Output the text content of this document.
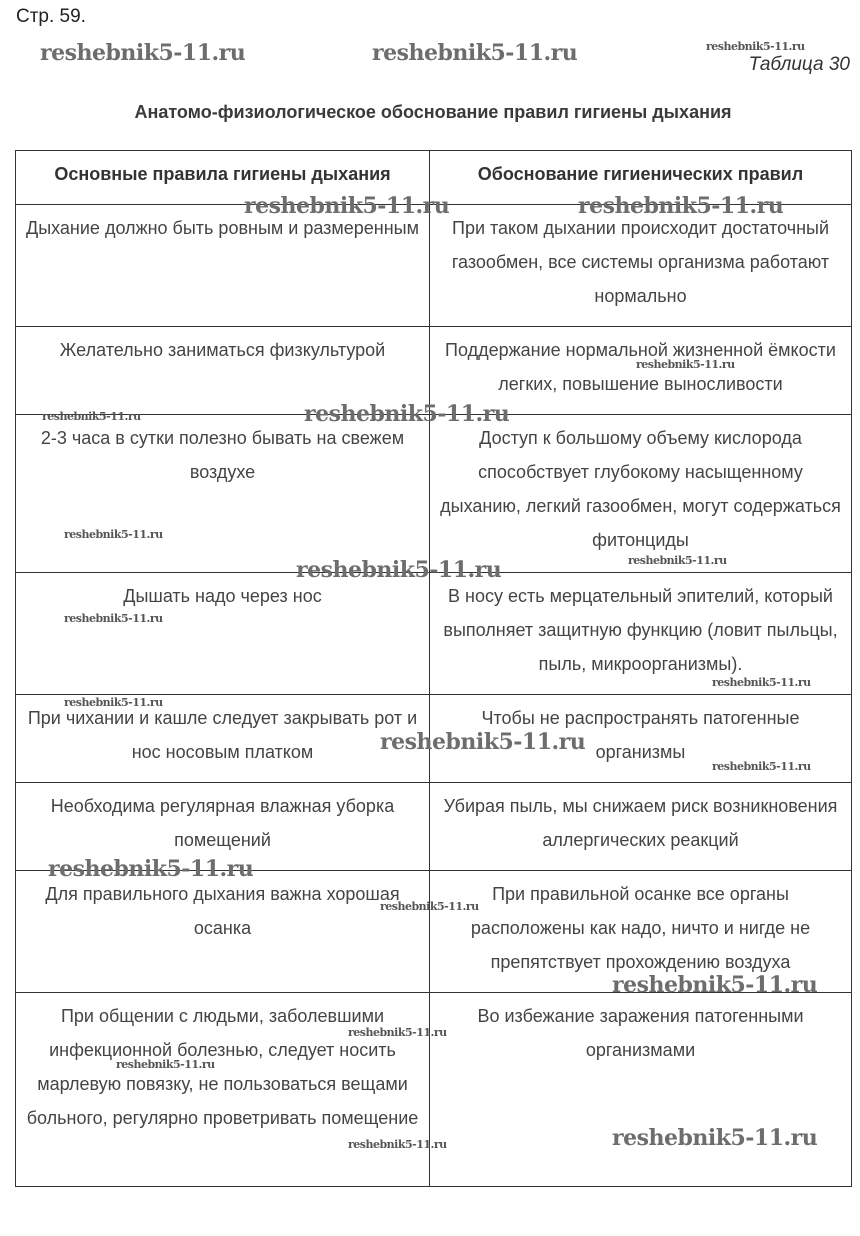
Стр. 59.
Таблица 30
Анатомо-физиологическое обоснование правил гигиены дыхания
Основные правила гигиены дыхания	Обоснование гигиенических правил
Дыхание должно быть ровным и размеренным	При таком дыхании происходит достаточный газообмен, все системы организма работают нормально
Желательно заниматься физкультурой	Поддержание нормальной жизненной ёмкости легких, повышение выносливости
2-3 часа в сутки полезно бывать на свежем воздухе	Доступ к большому объему кислорода способствует глубокому насыщенному дыханию, легкий газообмен, могут содержаться фитонциды
Дышать надо через нос	В носу есть мерцательный эпителий, который выполняет защитную функцию (ловит пыльцы, пыль, микроорганизмы).
При чихании и кашле следует закрывать рот и нос носовым платком	Чтобы не распространять патогенные организмы
Необходима регулярная влажная уборка помещений	Убирая пыль, мы снижаем риск возникновения аллергических реакций
Для правильного дыхания важна хорошая осанка	При правильной осанке все органы расположены как надо, ничто и нигде не препятствует прохождению воздуха
При общении с людьми, заболевшими инфекционной болезнью, следует носить марлевую повязку, не пользоваться вещами больного, регулярно проветривать помещение	Во избежание заражения патогенными организмами
reshebnik5-11.ru	reshebnik5-11.ru	reshebnik5-11.ru
reshebnik5-11.ru	reshebnik5-11.ru
reshebnik5-11.ru
reshebnik5-11.ru	reshebnik5-11.ru
reshebnik5-11.ru
reshebnik5-11.ru
reshebnik5-11.ru
reshebnik5-11.ru
reshebnik5-11.ru
reshebnik5-11.ru
reshebnik5-11.ru
reshebnik5-11.ru
reshebnik5-11.ru
reshebnik5-11.ru
reshebnik5-11.ru
reshebnik5-11.ru
reshebnik5-11.ru
reshebnik5-11.ru
reshebnik5-11.ru
